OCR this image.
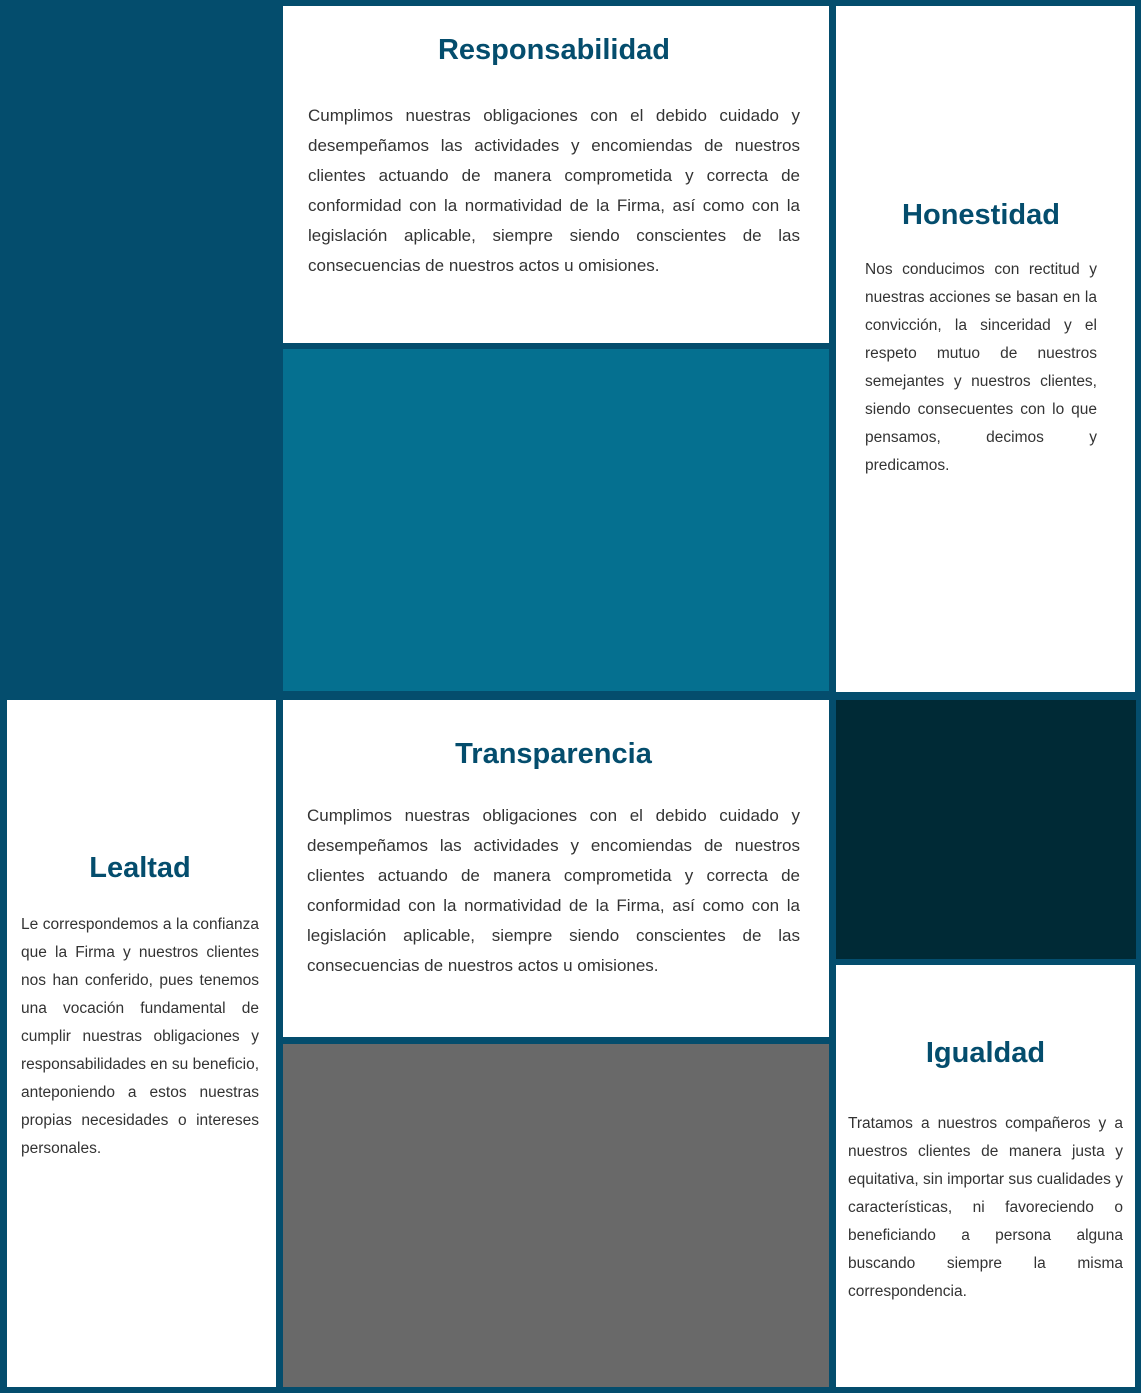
Responsabilidad

Cumplimos nuestras obligaciones con el debido cuidado y desempeñamos las actividades y encomiendas de nuestros clientes actuando de manera comprometida y correcta de conformidad con la normatividad de la Firma, así como con la legislación aplicable, siempre siendo conscientes de las consecuencias de nuestros actos u omisiones.

Honestidad

Nos conducimos con rectitud y nuestras acciones se basan en la convicción, la sinceridad y el respeto mutuo de nuestros semejantes y nuestros clientes, siendo consecuentes con lo que pensamos, decimos y predicamos.

Lealtad

Le correspondemos a la confianza que la Firma y nuestros clientes nos han conferido, pues tenemos una vocación fundamental de cumplir nuestras obligaciones y responsabilidades en su beneficio, anteponiendo a estos nuestras propias necesidades o intereses personales.

Transparencia

Cumplimos nuestras obligaciones con el debido cuidado y desempeñamos las actividades y encomiendas de nuestros clientes actuando de manera comprometida y correcta de conformidad con la normatividad de la Firma, así como con la legislación aplicable, siempre siendo conscientes de las consecuencias de nuestros actos u omisiones.

Igualdad

Tratamos a nuestros compañeros y a nuestros clientes de manera justa y equitativa, sin importar sus cualidades y características, ni favoreciendo o beneficiando a persona alguna buscando siempre la misma correspondencia.
